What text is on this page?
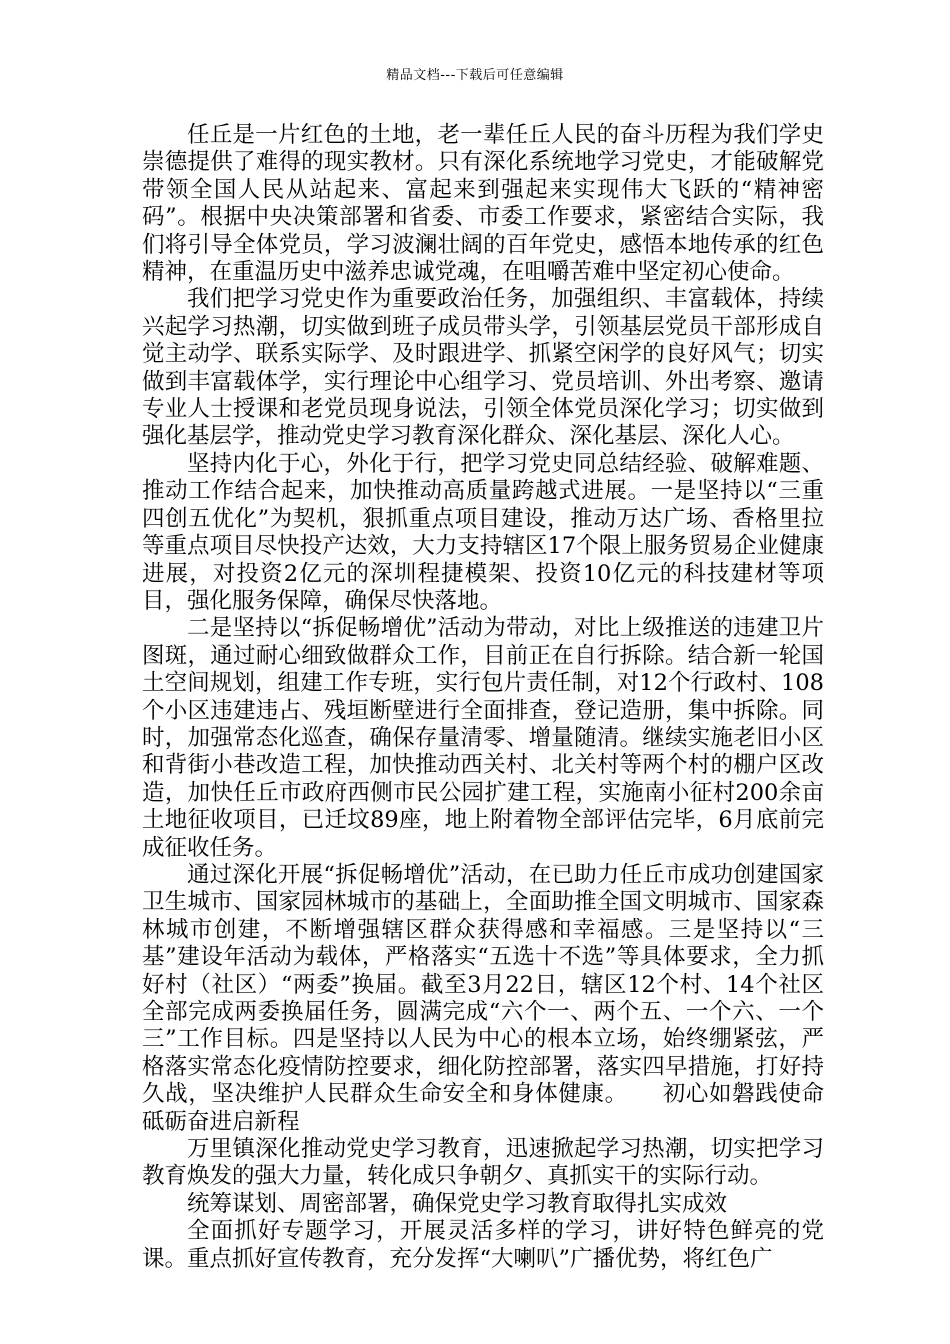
精品文档---下载后可任意编辑

任丘是一片红色的土地，老一辈任丘人民的奋斗历程为我们学史崇德提供了难得的现实教材。只有深化系统地学习党史，才能破解党带领全国人民从站起来、富起来到强起来实现伟大飞跃的“精神密码”。根据中央决策部署和省委、市委工作要求，紧密结合实际，我们将引导全体党员，学习波澜壮阔的百年党史，感悟本地传承的红色精神，在重温历史中滋养忠诚党魂，在咀嚼苦难中坚定初心使命。

我们把学习党史作为重要政治任务，加强组织、丰富载体，持续兴起学习热潮，切实做到班子成员带头学，引领基层党员干部形成自觉主动学、联系实际学、及时跟进学、抓紧空闲学的良好风气；切实做到丰富载体学，实行理论中心组学习、党员培训、外出考察、邀请专业人士授课和老党员现身说法，引领全体党员深化学习；切实做到强化基层学，推动党史学习教育深化群众、深化基层、深化人心。

坚持内化于心，外化于行，把学习党史同总结经验、破解难题、推动工作结合起来，加快推动高质量跨越式进展。一是坚持以“三重四创五优化”为契机，狠抓重点项目建设，推动万达广场、香格里拉等重点项目尽快投产达效，大力支持辖区17个限上服务贸易企业健康进展，对投资2亿元的深圳程捷模架、投资10亿元的科技建材等项目，强化服务保障，确保尽快落地。

二是坚持以“拆促畅增优”活动为带动，对比上级推送的违建卫片图斑，通过耐心细致做群众工作，目前正在自行拆除。结合新一轮国土空间规划，组建工作专班，实行包片责任制，对12个行政村、108个小区违建违占、残垣断壁进行全面排查，登记造册，集中拆除。同时，加强常态化巡查，确保存量清零、增量随清。继续实施老旧小区和背街小巷改造工程，加快推动西关村、北关村等两个村的棚户区改造，加快任丘市政府西侧市民公园扩建工程，实施南小征村200余亩土地征收项目，已迁坟89座，地上附着物全部评估完毕，6月底前完成征收任务。

通过深化开展“拆促畅增优”活动，在已助力任丘市成功创建国家卫生城市、国家园林城市的基础上，全面助推全国文明城市、国家森林城市创建，不断增强辖区群众获得感和幸福感。三是坚持以“三基”建设年活动为载体，严格落实“五选十不选”等具体要求，全力抓好村（社区）“两委”换届。截至3月22日，辖区12个村、14个社区全部完成两委换届任务，圆满完成“六个一、两个五、一个六、一个三”工作目标。四是坚持以人民为中心的根本立场，始终绷紧弦，严格落实常态化疫情防控要求，细化防控部署，落实四早措施，打好持久战，坚决维护人民群众生命安全和身体健康。　　初心如磐践使命 砥砺奋进启新程

万里镇深化推动党史学习教育，迅速掀起学习热潮，切实把学习教育焕发的强大力量，转化成只争朝夕、真抓实干的实际行动。

统筹谋划、周密部署，确保党史学习教育取得扎实成效

全面抓好专题学习，开展灵活多样的学习，讲好特色鲜亮的党课。重点抓好宣传教育，充分发挥“大喇叭”广播优势，将红色广
